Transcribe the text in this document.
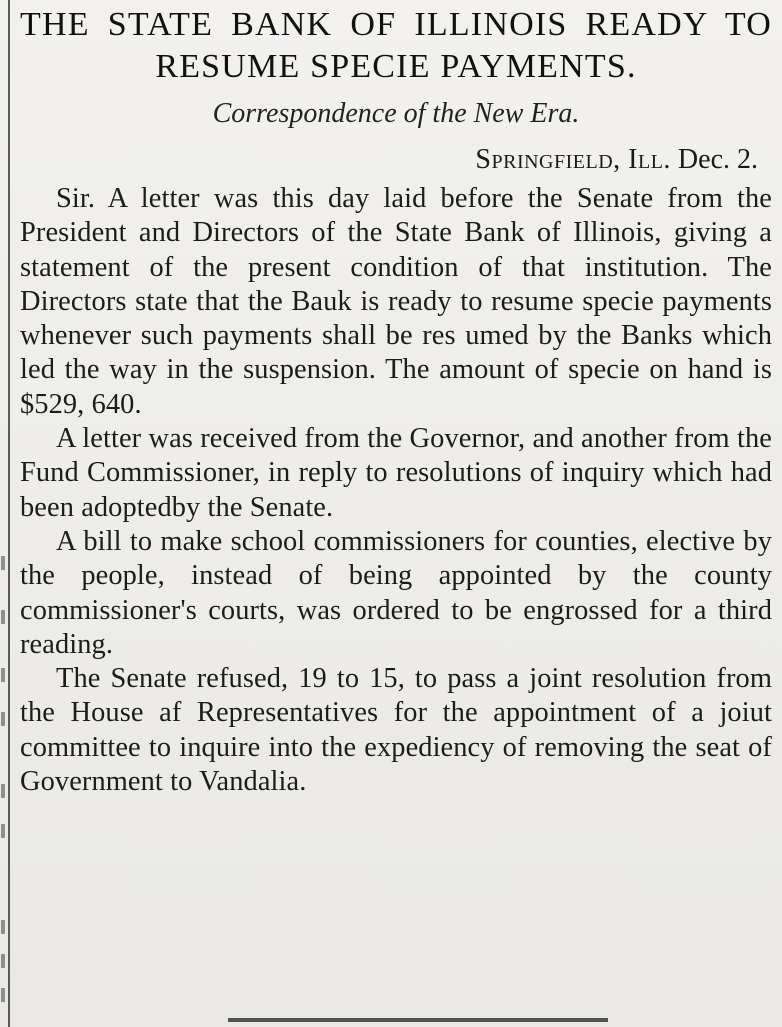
THE STATE BANK OF ILLINOIS READY TO RESUME SPECIE PAYMENTS.

Correspondence of the New Era.

Springfield, Ill. Dec. 2.

Sir. A letter was this day laid before the Senate from the President and Directors of the State Bank of Illinois, giving a statement of the present condition of that institution. The Directors state that the Bauk is ready to resume specie payments whenever such payments shall be res umed by the Banks which led the way in the suspension. The amount of specie on hand is $529, 640.

A letter was received from the Governor, and another from the Fund Commissioner, in reply to resolutions of inquiry which had been adoptedby the Senate.

A bill to make school commissioners for counties, elective by the people, instead of being appointed by the county commissioner's courts, was ordered to be engrossed for a third reading.

The Senate refused, 19 to 15, to pass a joint resolution from the House af Representatives for the appointment of a joiut committee to inquire into the expediency of removing the seat of Government to Vandalia.
